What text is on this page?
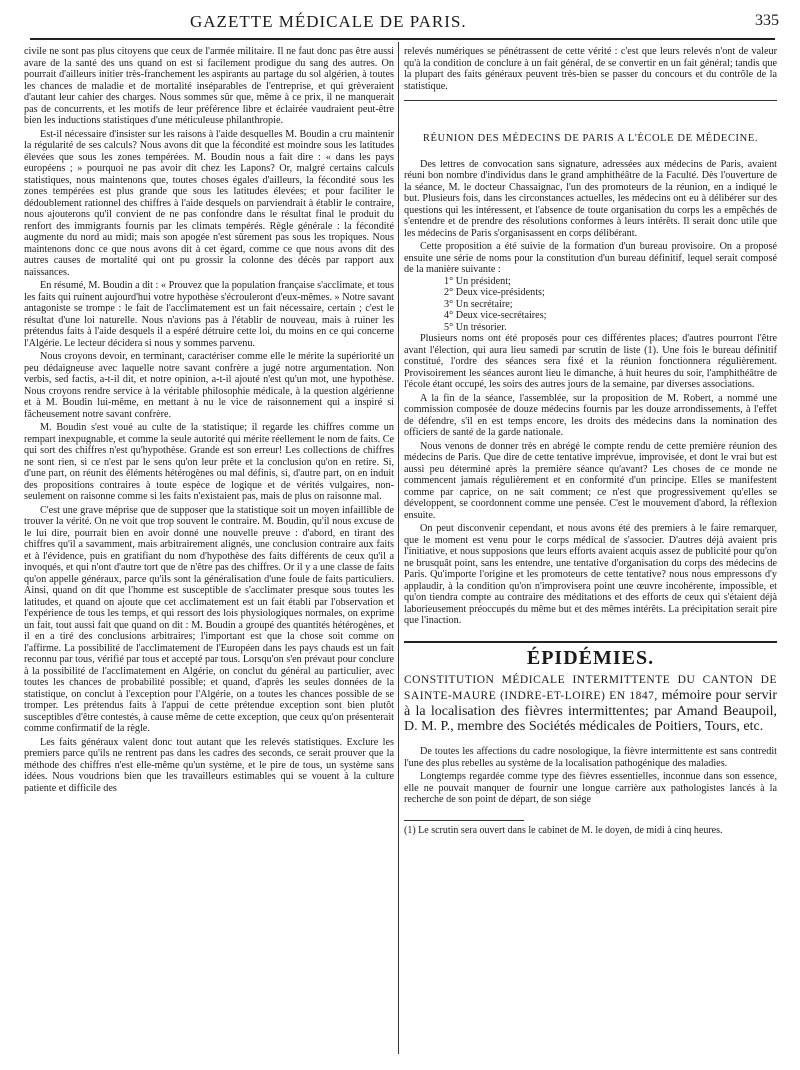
GAZETTE MÉDICALE DE PARIS.	335

civile ne sont pas plus citoyens que ceux de l'armée militaire. Il ne faut donc pas être aussi avare de la santé des uns quand on est si facilement prodigue du sang des autres. On pourrait d'ailleurs initier très-franchement les aspirants au partage du sol algérien, à toutes les chances de maladie et de mortalité inséparables de l'entreprise, et qui grèveraient d'autant leur cahier des charges. Nous sommes sûr que, même à ce prix, il ne manquerait pas de concurrents, et les motifs de leur préférence libre et éclairée vaudraient peut-être bien les inductions statistiques d'une méticuleuse philanthropie.

Est-il nécessaire d'insister sur les raisons à l'aide desquelles M. Boudin a cru maintenir la régularité de ses calculs? Nous avons dit que la fécondité est moindre sous les latitudes élevées que sous les zones tempérées. M. Boudin nous a fait dire : « dans les pays européens ; » pourquoi ne pas avoir dit chez les Lapons? Or, malgré certains calculs statistiques, nous maintenons que, toutes choses égales d'ailleurs, la fécondité sous les zones tempérées est plus grande que sous les latitudes élevées; et pour faciliter le dédoublement rationnel des chiffres à l'aide desquels on parviendrait à établir le contraire, nous ajouterons qu'il convient de ne pas confondre dans le résultat final le produit du renfort des immigrants fournis par les climats tempérés. Règle générale : la fécondité augmente du nord au midi; mais son apogée n'est sûrement pas sous les tropiques. Nous maintenons donc ce que nous avons dit à cet égard, comme ce que nous avons dit des autres causes de mortalité qui ont pu grossir la colonne des décès par rapport aux naissances.

En résumé, M. Boudin a dit : « Prouvez que la population française s'acclimate, et tous les faits qui ruinent aujourd'hui votre hypothèse s'écrouleront d'eux-mêmes. » Notre savant antagoniste se trompe : le fait de l'acclimatement est un fait nécessaire, certain ; c'est le résultat d'une loi naturelle. Nous n'avions pas à l'établir de nouveau, mais à ruiner les prétendus faits à l'aide desquels il a espéré détruire cette loi, du moins en ce qui concerne l'Algérie. Le lecteur décidera si nous y sommes parvenu.

Nous croyons devoir, en terminant, caractériser comme elle le mérite la supériorité un peu dédaigneuse avec laquelle notre savant confrère a jugé notre argumentation. Non verbis, sed factis, a-t-il dit, et notre opinion, a-t-il ajouté n'est qu'un mot, une hypothèse. Nous croyons rendre service à la véritable philosophie médicale, à la question algérienne et à M. Boudin lui-même, en mettant à nu le vice de raisonnement qui a inspiré si fâcheusement notre savant confrère.

M. Boudin s'est voué au culte de la statistique; il regarde les chiffres comme un rempart inexpugnable, et comme la seule autorité qui mérite réellement le nom de faits. Ce qui sort des chiffres n'est qu'hypothèse. Grande est son erreur! Les collections de chiffres ne sont rien, si ce n'est par le sens qu'on leur prête et la conclusion qu'on en retire. Si, d'une part, on réunit des éléments hétérogènes ou mal définis, si, d'autre part, on en induit des propositions contraires à toute espèce de logique et de vérités vulgaires, non-seulement on raisonne comme si les faits n'existaient pas, mais de plus on raisonne mal.

C'est une grave méprise que de supposer que la statistique soit un moyen infaillible de trouver la vérité. On ne voit que trop souvent le contraire. M. Boudin, qu'il nous excuse de le lui dire, pourrait bien en avoir donné une nouvelle preuve : d'abord, en tirant des chiffres qu'il a savamment, mais arbitrairement alignés, une conclusion contraire aux faits et à l'évidence, puis en gratifiant du nom d'hypothèse des faits différents de ceux qu'il a invoqués, et qui n'ont d'autre tort que de n'être pas des chiffres. Or il y a une classe de faits qu'on appelle généraux, parce qu'ils sont la généralisation d'une foule de faits particuliers. Ainsi, quand on dit que l'homme est susceptible de s'acclimater presque sous toutes les latitudes, et quand on ajoute que cet acclimatement est un fait établi par l'observation et l'expérience de tous les temps, et qui ressort des lois physiologiques normales, on exprime un fait, tout aussi fait que quand on dit : M. Boudin a groupé des quantités hétérogènes, et il en a tiré des conclusions arbitraires; l'important est que la chose soit comme on l'affirme. La possibilité de l'acclimatement de l'Européen dans les pays chauds est un fait reconnu par tous, vérifié par tous et accepté par tous. Lorsqu'on s'en prévaut pour conclure à la possibilité de l'acclimatement en Algérie, on conclut du général au particulier, avec toutes les chances de probabilité possible; et quand, d'après les seules données de la statistique, on conclut à l'exception pour l'Algérie, on a toutes les chances possible de se tromper. Les prétendus faits à l'appui de cette prétendue exception sont bien plutôt susceptibles d'être contestés, à cause même de cette exception, que ceux qu'on présenterait comme confirmatif de la règle.

Les faits généraux valent donc tout autant que les relevés statistiques. Exclure les premiers parce qu'ils ne rentrent pas dans les cadres des seconds, ce serait prouver que la méthode des chiffres n'est elle-même qu'un système, et le pire de tous, un système sans idées. Nous voudrions bien que les travailleurs estimables qui se vouent à la culture patiente et difficile des

relevés numériques se pénétrassent de cette vérité : c'est que leurs relevés n'ont de valeur qu'à la condition de conclure à un fait général, de se convertir en un fait général; tandis que la plupart des faits généraux peuvent très-bien se passer du concours et du contrôle de la statistique.

RÉUNION DES MÉDECINS DE PARIS A L'ÉCOLE DE MÉDECINE.

Des lettres de convocation sans signature, adressées aux médecins de Paris, avaient réuni bon nombre d'individus dans le grand amphithéâtre de la Faculté. Dès l'ouverture de la séance, M. le docteur Chassaignac, l'un des promoteurs de la réunion, en a indiqué le but. Plusieurs fois, dans les circonstances actuelles, les médecins ont eu à délibérer sur des questions qui les intéressent, et l'absence de toute organisation du corps les a empêchés de s'entendre et de prendre des résolutions conformes à leurs intérêts. Il serait donc utile que les médecins de Paris s'organisassent en corps délibérant.

Cette proposition a été suivie de la formation d'un bureau provisoire. On a proposé ensuite une série de noms pour la constitution d'un bureau définitif, lequel serait composé de la manière suivante :

1° Un président;
2° Deux vice-présidents;
3° Un secrétaire;
4° Deux vice-secrétaires;
5° Un trésorier.

Plusieurs noms ont été proposés pour ces différentes places; d'autres pourront l'être avant l'élection, qui aura lieu samedi par scrutin de liste (1). Une fois le bureau définitif constitué, l'ordre des séances sera fixé et la réunion fonctionnera régulièrement. Provisoirement les séances auront lieu le dimanche, à huit heures du soir, l'amphithéâtre de l'école étant occupé, les soirs des autres jours de la semaine, par diverses associations.

A la fin de la séance, l'assemblée, sur la proposition de M. Robert, a nommé une commission composée de douze médecins fournis par les douze arrondissements, à l'effet de défendre, s'il en est temps encore, les droits des médecins dans la nomination des officiers de santé de la garde nationale.

Nous venons de donner très en abrégé le compte rendu de cette première réunion des médecins de Paris. Que dire de cette tentative imprévue, improvisée, et dont le vrai but est aussi peu déterminé après la première séance qu'avant? Les choses de ce monde ne commencent jamais régulièrement et en conformité d'un principe. Elles se manifestent comme par caprice, on ne sait comment; ce n'est que progressivement qu'elles se développent, se coordonnent comme une pensée. C'est le mouvement d'abord, la réflexion ensuite.

On peut disconvenir cependant, et nous avons été des premiers à le faire remarquer, que le moment est venu pour le corps médical de s'associer. D'autres déjà avaient pris l'initiative, et nous supposions que leurs efforts avaient acquis assez de publicité pour qu'on ne brusquât point, sans les entendre, une tentative d'organisation du corps des médecins de Paris. Qu'importe l'origine et les promoteurs de cette tentative? nous nous empressons d'y applaudir, à la condition qu'on n'improvisera point une œuvre incohérente, impossible, et qu'on tiendra compte au contraire des méditations et des efforts de ceux qui s'étaient déjà laborieusement préoccupés du même but et des mêmes intérêts. La précipitation serait pire que l'inaction.

ÉPIDÉMIES.
CONSTITUTION MÉDICALE INTERMITTENTE DU CANTON DE SAINTE-MAURE (INDRE-ET-LOIRE) EN 1847, mémoire pour servir à la localisation des fièvres intermittentes; par Amand Beaupoil, D. M. P., membre des Sociétés médicales de Poitiers, Tours, etc.

De toutes les affections du cadre nosologique, la fièvre intermittente est sans contredit l'une des plus rebelles au système de la localisation pathogénique des maladies.

Longtemps regardée comme type des fièvres essentielles, inconnue dans son essence, elle ne pouvait manquer de fournir une longue carrière aux pathologistes lancés à la recherche de son point de départ, de son siége

(1) Le scrutin sera ouvert dans le cabinet de M. le doyen, de midi à cinq heures.
